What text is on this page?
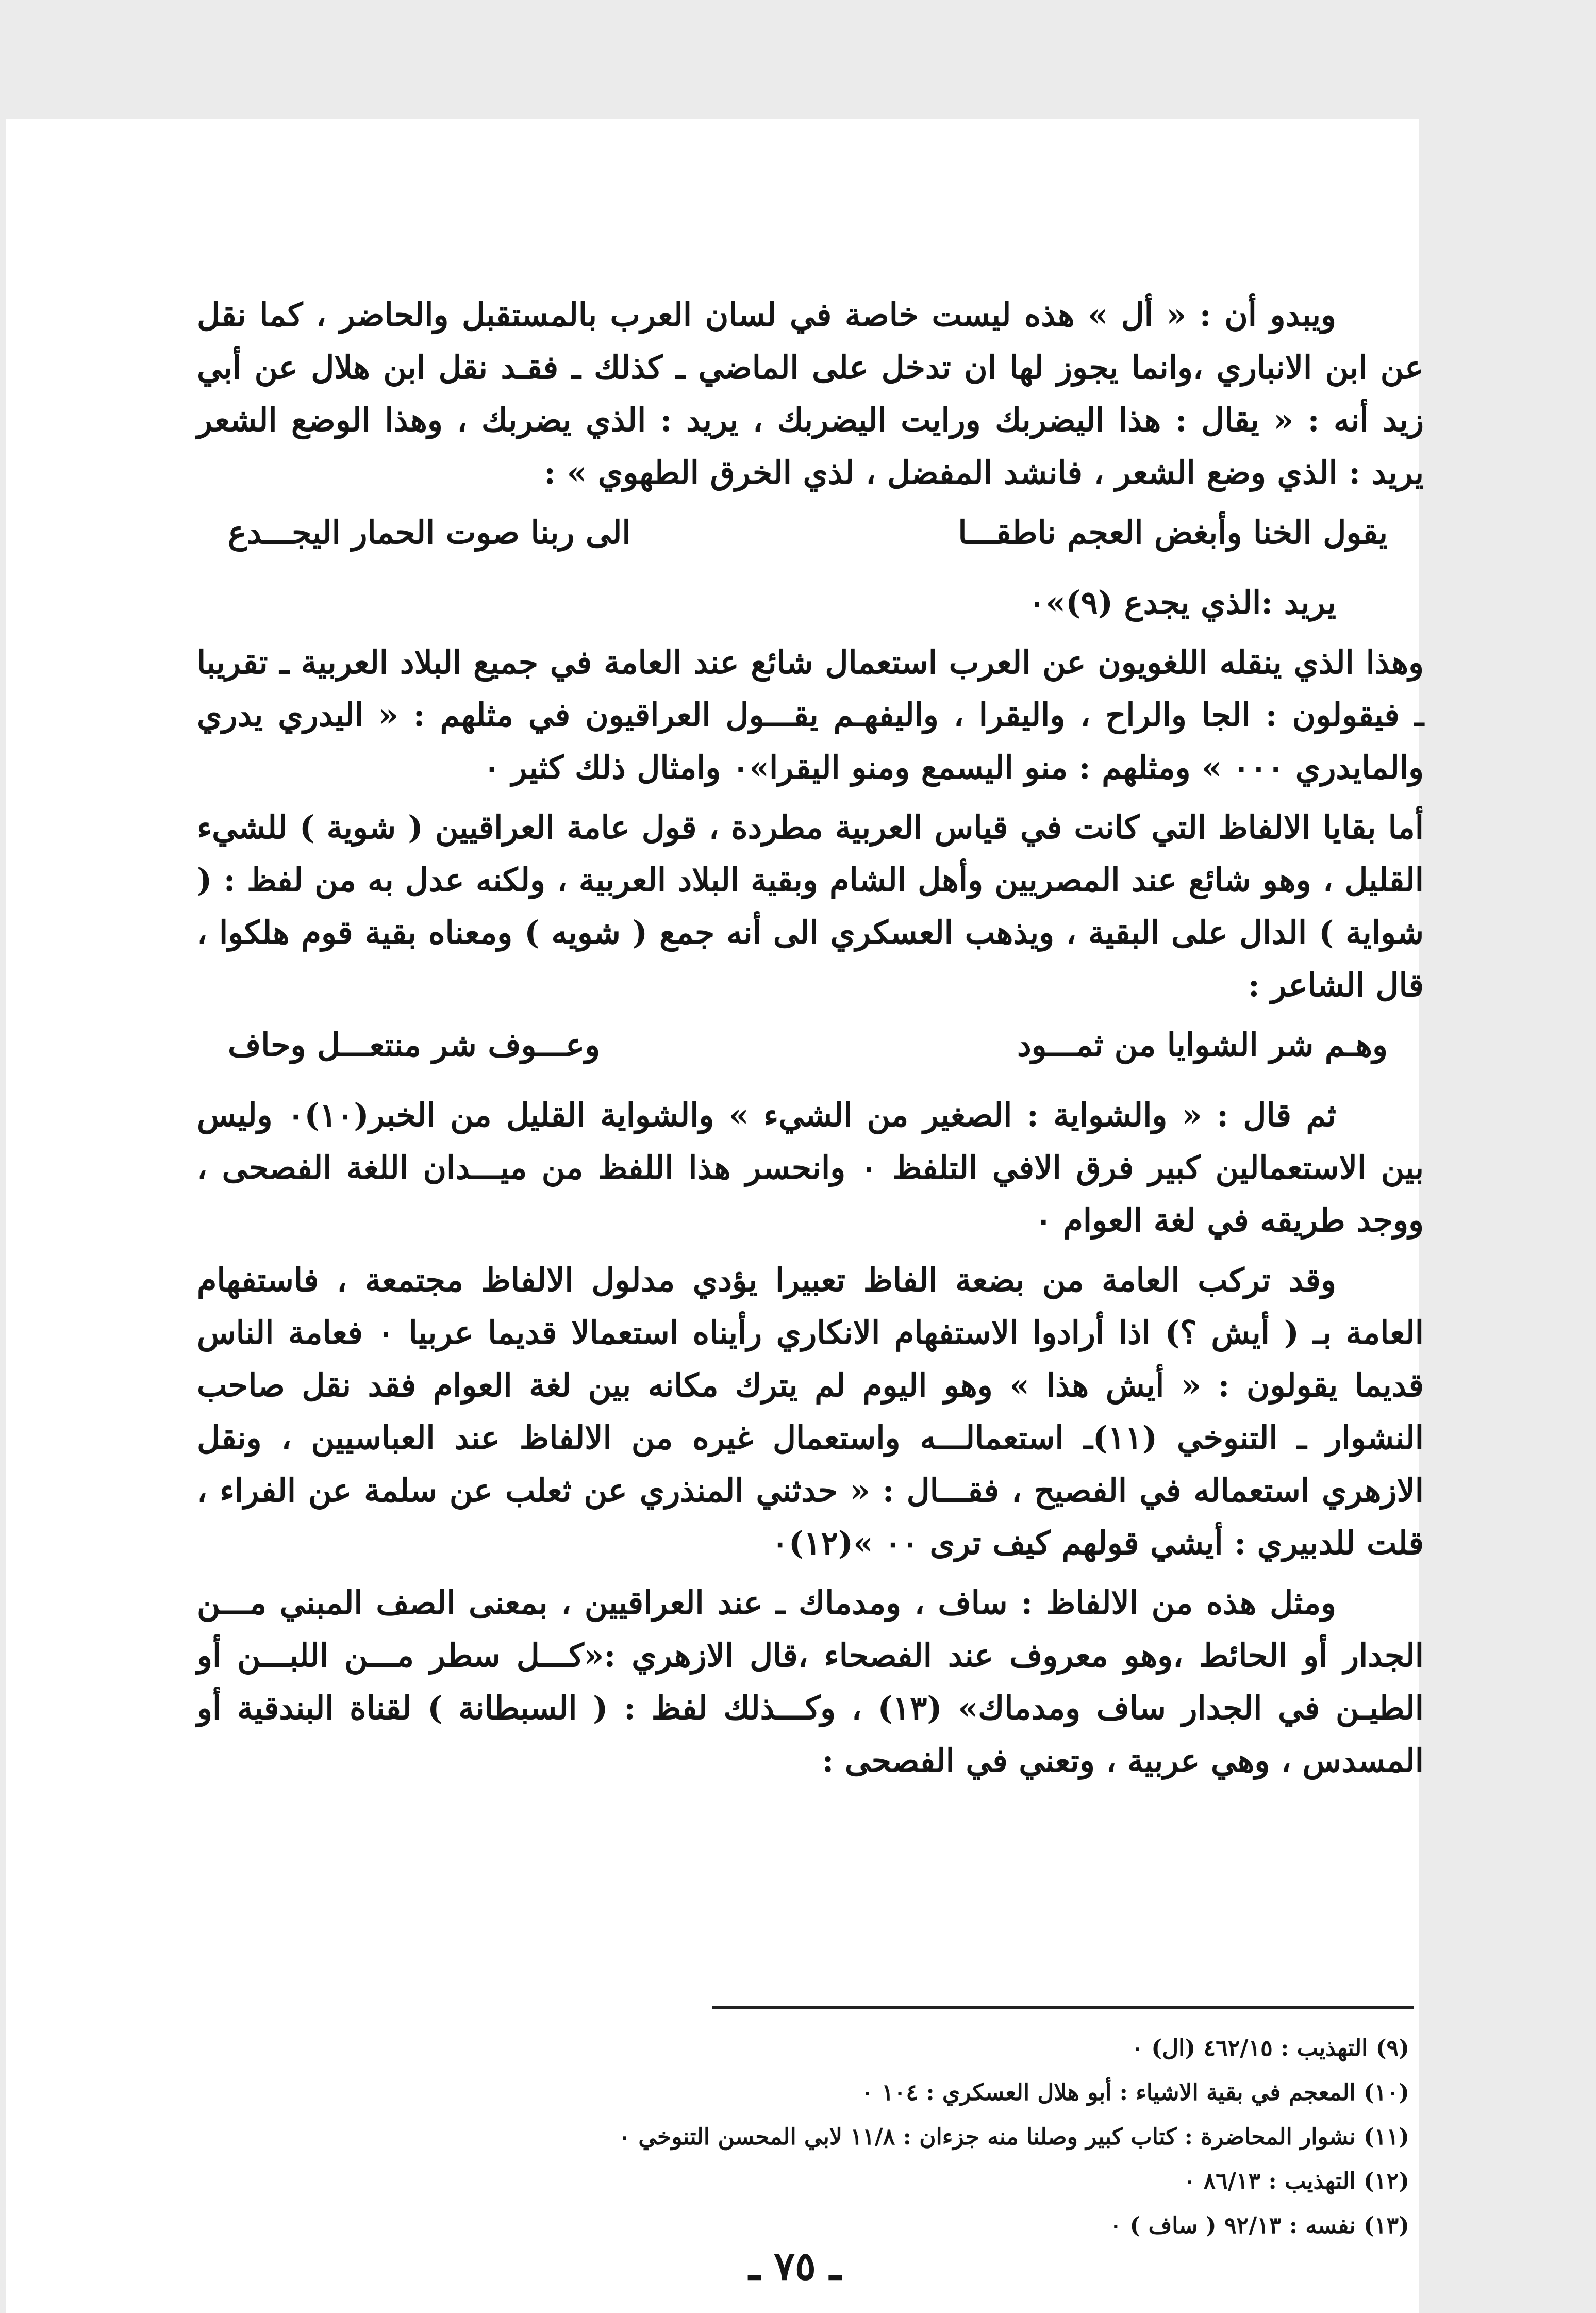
ويبدو أن : « أل » هذه ليست خاصة في لسان العرب بالمستقبل والحاضر ، كما نقل عن ابن الانباري ،وانما يجوز لها ان تدخل على الماضي ـ كذلك ـ فقـد نقل ابن هلال عن أبي زيد أنه : « يقال : هذا اليضربك ورايت اليضربك ، يريد : الذي يضربك ، وهذا الوضع الشعر يريد : الذي وضع الشعر ، فانشد المفضل ، لذي الخرق الطهوي » :

يقول الخنا وأبغض العجم ناطقـــا
الى ربنا صوت الحمار اليجـــدع

يريد :الذي يجدع (٩)»٠

وهذا الذي ينقله اللغويون عن العرب استعمال شائع عند العامة في جميع البلاد العربية ـ تقريبا ـ فيقولون : الجا والراح ، واليقرا ، واليفهـم يقـــول العراقيون في مثلهم : « اليدري يدري والمايدري ٠٠٠ » ومثلهم : منو اليسمع ومنو اليقرا»٠ وامثال ذلك كثير ٠

أما بقايا الالفاظ التي كانت في قياس العربية مطردة ، قول عامة العراقيين ( شوية ) للشيء القليل ، وهو شائع عند المصريين وأهل الشام وبقية البلاد العربية ، ولكنه عدل به من لفظ : ( شواية ) الدال على البقية ، ويذهب العسكري الى أنه جمع ( شويه ) ومعناه بقية قوم هلكوا ، قال الشاعر :

وهـم شر الشوايا من ثمـــود
وعـــوف شر منتعـــل وحاف

ثم قال : « والشواية : الصغير من الشيء » والشواية القليل من الخبر(١٠)٠ وليس بين الاستعمالين كبير فرق الافي التلفظ ٠ وانحسر هذا اللفظ من ميـــدان اللغة الفصحى ، ووجد طريقه في لغة العوام ٠

وقد تركب العامة من بضعة الفاظ تعبيرا يؤدي مدلول الالفاظ مجتمعة ، فاستفهام العامة بـ ( أيش ؟) اذا أرادوا الاستفهام الانكاري رأيناه استعمالا قديما عربيا ٠ فعامة الناس قديما يقولون : « أيش هذا » وهو اليوم لم يترك مكانه بين لغة العوام فقد نقل صاحب النشوار ـ التنوخي (١١)ـ استعمالـــه واستعمال غيره من الالفاظ عند العباسيين ، ونقل الازهري استعماله في الفصيح ، فقـــال : « حدثني المنذري عن ثعلب عن سلمة عن الفراء ، قلت للدبيري : أيشي قولهم كيف ترى ٠٠ »(١٢)٠

ومثل هذه من الالفاظ : ساف ، ومدماك ـ عند العراقيين ، بمعنى الصف المبني مـــن الجدار أو الحائط ،وهو معروف عند الفصحاء ،قال الازهري :«كـــل سطر مـــن اللبـــن أو الطيـن في الجدار ساف ومدماك» (١٣) ، وكـــذلك لفظ : ( السبطانة ) لقناة البندقية أو المسدس ، وهي عربية ، وتعني في الفصحى :

(٩) التهذيب : ٤٦٢/١٥ (ال) ٠
(١٠) المعجم في بقية الاشياء : أبو هلال العسكري : ١٠٤ ٠
(١١) نشوار المحاضرة : كتاب كبير وصلنا منه جزءان : ١١/٨ لابي المحسن التنوخي ٠
(١٢) التهذيب : ٨٦/١٣ ٠
(١٣) نفسه : ٩٢/١٣ ( ساف ) ٠
ـ ٧٥ ـ
